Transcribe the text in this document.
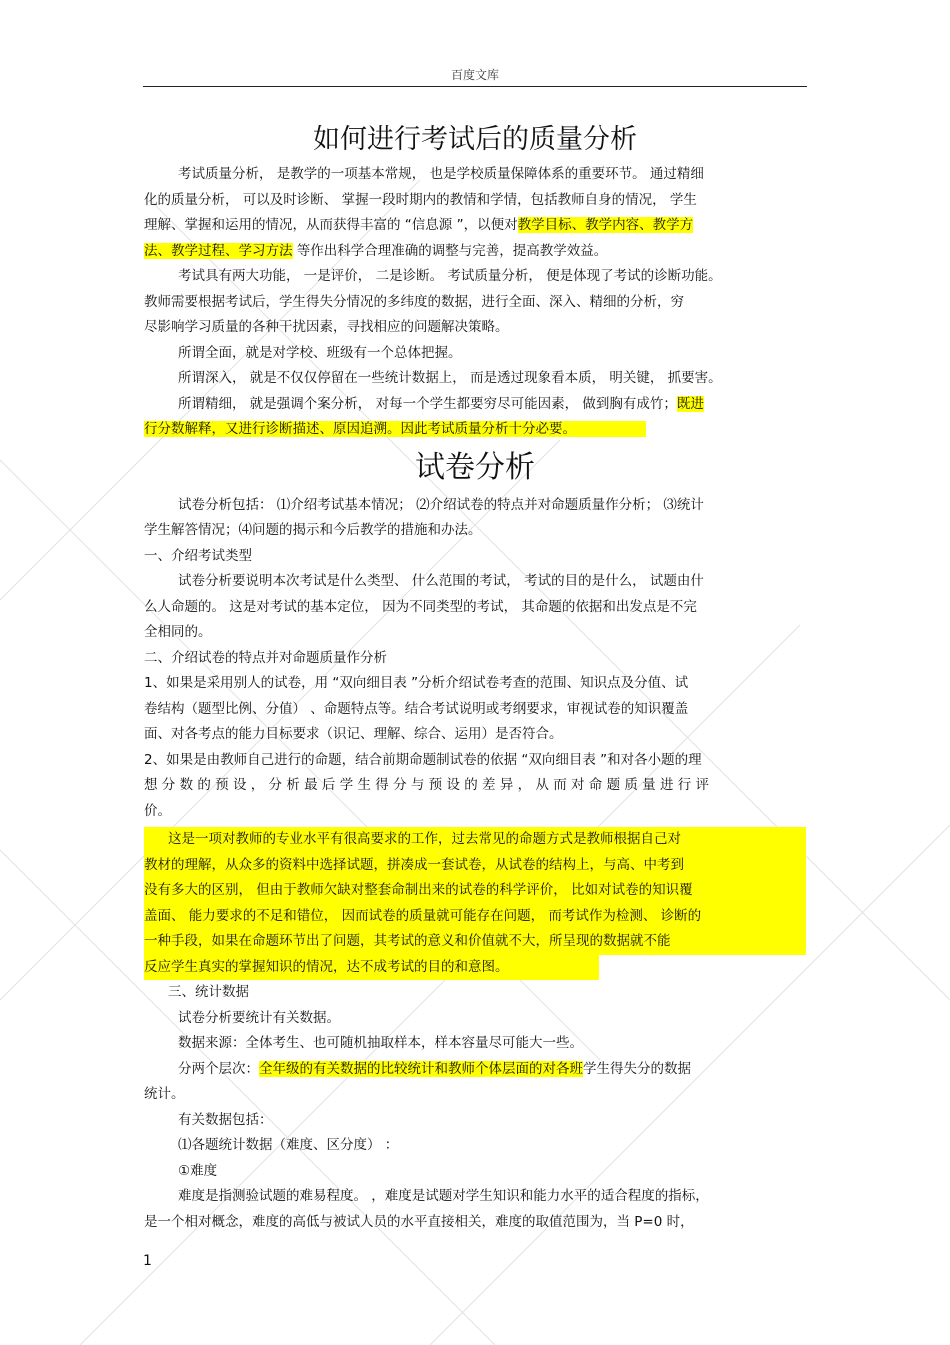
百度文库
如何进行考试后的质量分析

考试质量分析， 是教学的一项基本常规， 也是学校质量保障体系的重要环节。 通过精细

化的质量分析， 可以及时诊断、 掌握一段时期内的教情和学情，包括教师自身的情况， 学生

理解、掌握和运用的情况，从而获得丰富的 “信息源 ”，以便对教学目标、教学内容、教学方

法、教学过程、学习方法 等作出科学合理准确的调整与完善，提高教学效益。

考试具有两大功能， 一是评价， 二是诊断。 考试质量分析， 便是体现了考试的诊断功能。

教师需要根据考试后，学生得失分情况的多纬度的数据，进行全面、深入、精细的分析，穷

尽影响学习质量的各种干扰因素，寻找相应的问题解决策略。

所谓全面，就是对学校、班级有一个总体把握。

所谓深入， 就是不仅仅停留在一些统计数据上， 而是透过现象看本质， 明关键， 抓要害。

所谓精细， 就是强调个案分析， 对每一个学生都要穷尽可能因素， 做到胸有成竹；既进

行分数解释，又进行诊断描述、原因追溯。因此考试质量分析十分必要。

试卷分析

试卷分析包括： ⑴介绍考试基本情况； ⑵介绍试卷的特点并对命题质量作分析； ⑶统计

学生解答情况；⑷问题的揭示和今后教学的措施和办法。

一、介绍考试类型

试卷分析要说明本次考试是什么类型、 什么范围的考试， 考试的目的是什么， 试题由什

么人命题的。 这是对考试的基本定位， 因为不同类型的考试， 其命题的依据和出发点是不完

全相同的。

二、介绍试卷的特点并对命题质量作分析

1、如果是采用别人的试卷，用 “双向细目表 ”分析介绍试卷考查的范围、知识点及分值、试

卷结构（题型比例、分值） 、命题特点等。结合考试说明或考纲要求，审视试卷的知识覆盖

面、对各考点的能力目标要求（识记、理解、综合、运用）是否符合。

2、如果是由教师自己进行的命题，结合前期命题制试卷的依据 “双向细目表 ”和对各小题的理

想 分 数 的 预 设 ， 分 析 最 后 学 生 得 分 与 预 设 的 差 异 ， 从 而 对 命 题 质 量 进 行 评

价。

这是一项对教师的专业水平有很高要求的工作，过去常见的命题方式是教师根据自己对

教材的理解，从众多的资料中选择试题，拼凑成一套试卷，从试卷的结构上，与高、中考到

没有多大的区别， 但由于教师欠缺对整套命制出来的试卷的科学评价， 比如对试卷的知识覆

盖面、 能力要求的不足和错位， 因而试卷的质量就可能存在问题， 而考试作为检测、 诊断的

一种手段，如果在命题环节出了问题，其考试的意义和价值就不大，所呈现的数据就不能

反应学生真实的掌握知识的情况，达不成考试的目的和意图。

三、统计数据

试卷分析要统计有关数据。

数据来源：全体考生、也可随机抽取样本，样本容量尽可能大一些。

分两个层次：全年级的有关数据的比较统计和教师个体层面的对各班学生得失分的数据

统计。

有关数据包括：

⑴各题统计数据（难度、区分度） ：

①难度

难度是指测验试题的难易程度。 ，难度是试题对学生知识和能力水平的适合程度的指标，

是一个相对概念，难度的高低与被试人员的水平直接相关，难度的取值范围为，当 P=0 时，

1
